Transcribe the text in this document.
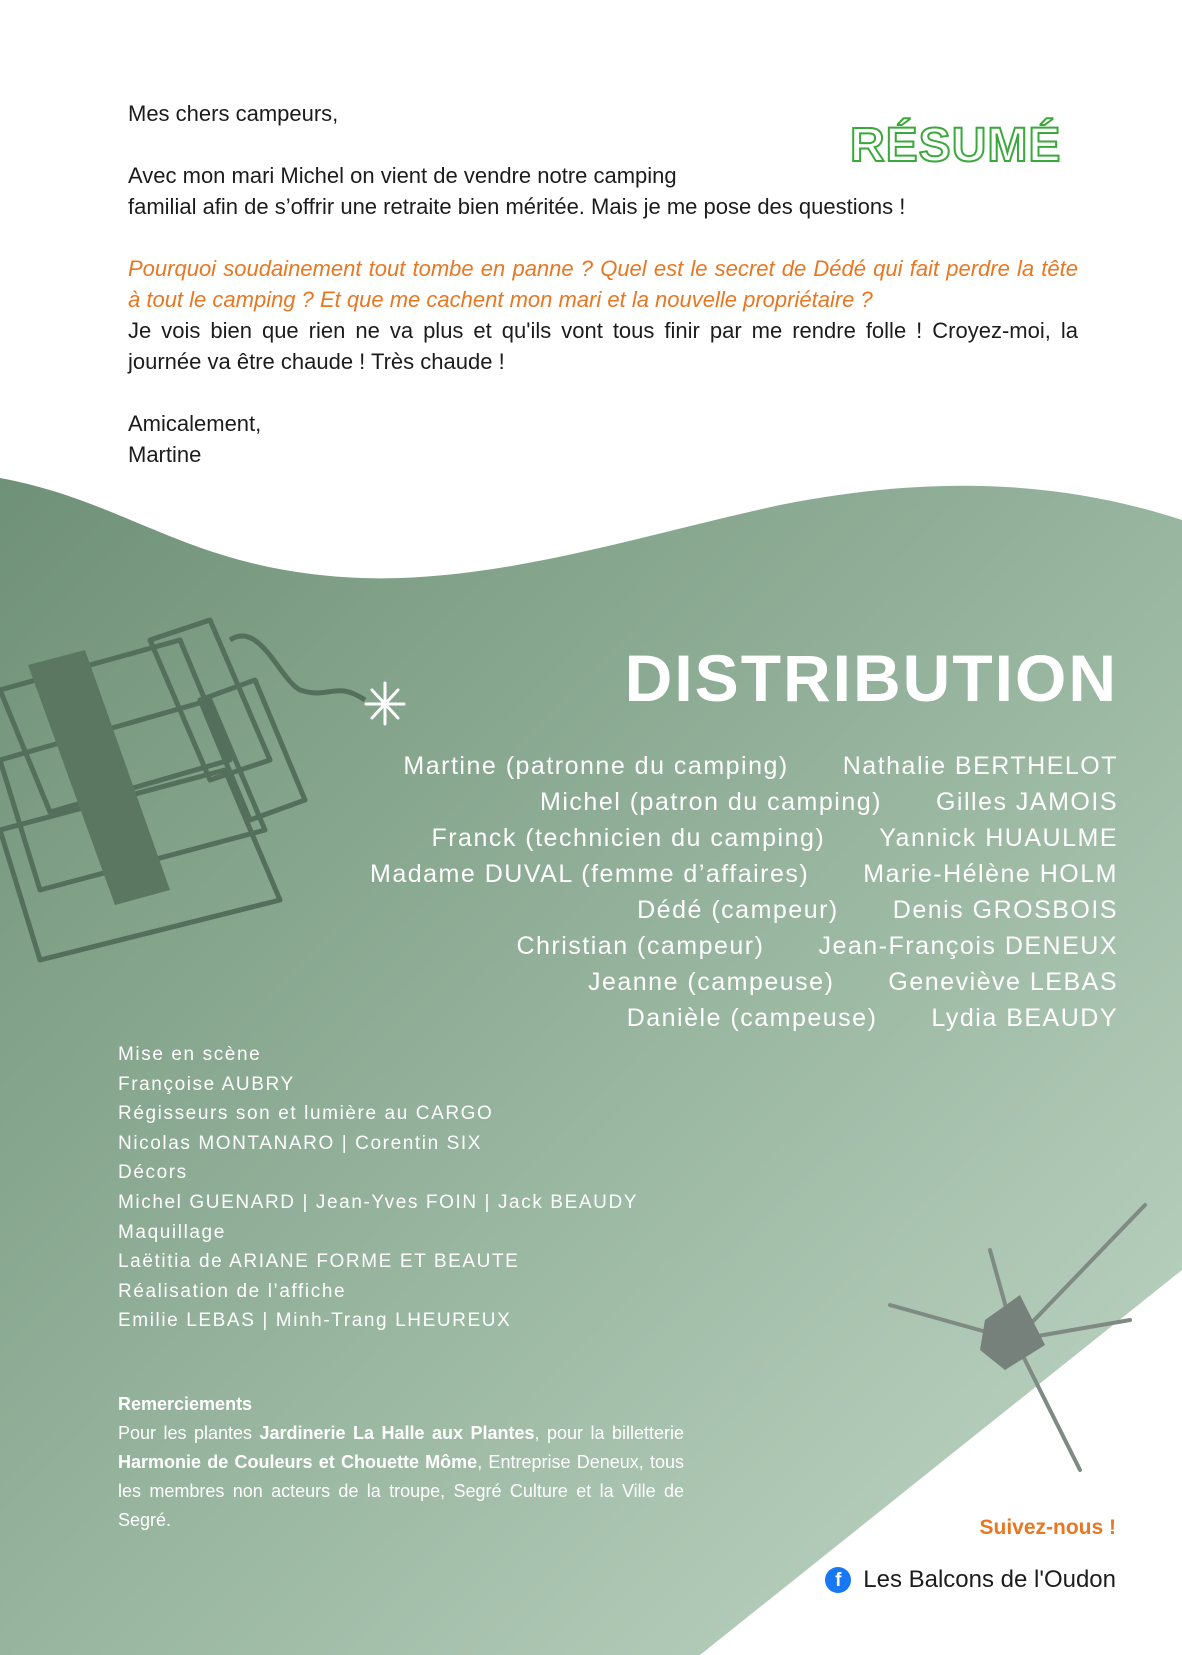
Mes chers campeurs,

Avec mon mari Michel on vient de vendre notre camping

familial afin de s’offrir une retraite bien méritée. Mais je me pose des questions !

Pourquoi soudainement tout tombe en panne ? Quel est le secret de Dédé qui fait perdre la tête à tout le camping ? Et que me cachent mon mari et la nouvelle propriétaire ?

Je vois bien que rien ne va plus et qu'ils vont tous finir par me rendre folle ! Croyez-moi, la journée va être chaude ! Très chaude !

Amicalement,

Martine

RÉSUMÉ
DISTRIBUTION
Martine (patronne du camping) Nathalie BERTHELOT
Michel (patron du camping) Gilles JAMOIS
Franck (technicien du camping) Yannick HUAULME
Madame DUVAL (femme d’affaires) Marie-Hélène HOLM
Dédé (campeur) Denis GROSBOIS
Christian (campeur) Jean-François DENEUX
Jeanne (campeuse) Geneviève LEBAS
Danièle (campeuse) Lydia BEAUDY
Mise en scène
Françoise AUBRY
Régisseurs son et lumière au CARGO
Nicolas MONTANARO | Corentin SIX
Décors
Michel GUENARD | Jean-Yves FOIN | Jack BEAUDY
Maquillage
Laëtitia de ARIANE FORME ET BEAUTE
Réalisation de l’affiche
Emilie LEBAS | Minh-Trang LHEUREUX
Remerciements
Pour les plantes Jardinerie La Halle aux Plantes, pour la billetterie Harmonie de Couleurs et Chouette Môme, Entreprise Deneux, tous les membres non acteurs de la troupe, Segré Culture et la Ville de Segré.	Suivez-nous !
f Les Balcons de l'Oudon
